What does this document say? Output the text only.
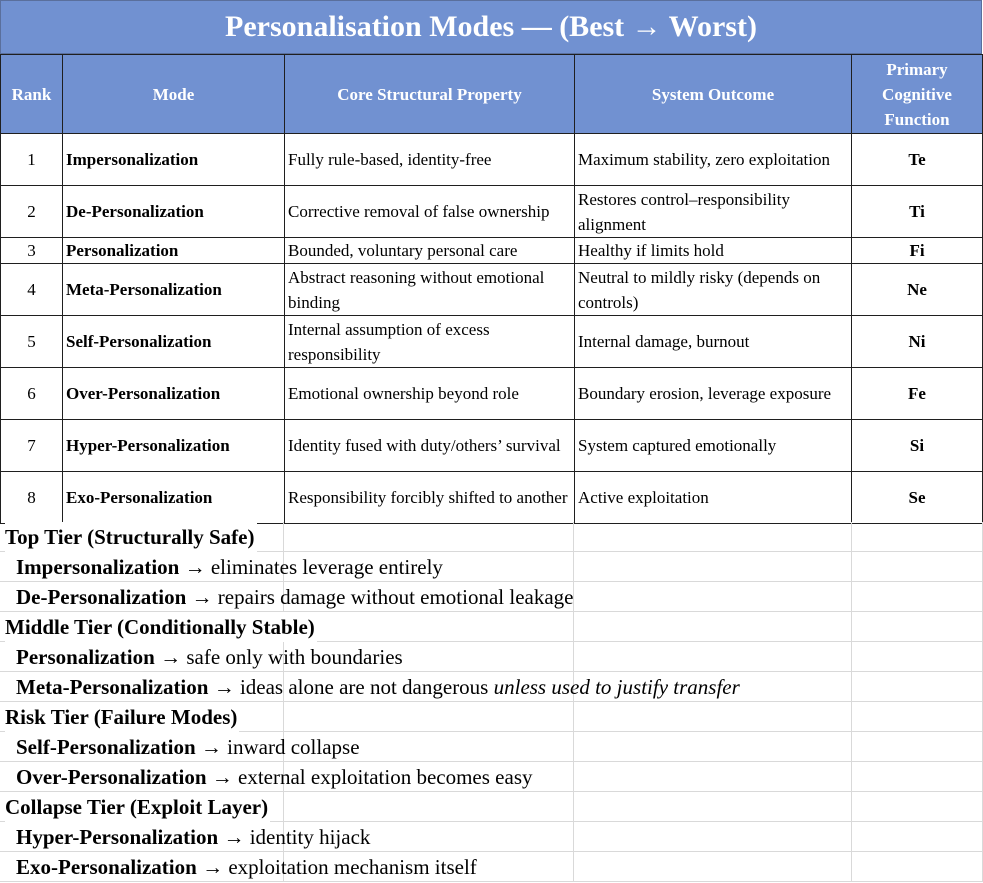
Personalisation Modes — (Best → Worst)
Rank	Mode	Core Structural Property	System Outcome	Primary Cognitive Function
1	Impersonalization	Fully rule-based, identity-free	Maximum stability, zero exploitation	Te
2	De-Personalization	Corrective removal of false ownership	Restores control–responsibility alignment	Ti
3	Personalization	Bounded, voluntary personal care	Healthy if limits hold	Fi
4	Meta-Personalization	Abstract reasoning without emotional binding	Neutral to mildly risky (depends on controls)	Ne
5	Self-Personalization	Internal assumption of excess responsibility	Internal damage, burnout	Ni
6	Over-Personalization	Emotional ownership beyond role	Boundary erosion, leverage exposure	Fe
7	Hyper-Personalization	Identity fused with duty/others’ survival	System captured emotionally	Si
8	Exo-Personalization	Responsibility forcibly shifted to another	Active exploitation	Se
Top Tier (Structurally Safe)
Impersonalization → eliminates leverage entirely
De-Personalization → repairs damage without emotional leakage
Middle Tier (Conditionally Stable)
Personalization → safe only with boundaries
Meta-Personalization → ideas alone are not dangerous unless used to justify transfer
Risk Tier (Failure Modes)
Self-Personalization → inward collapse
Over-Personalization → external exploitation becomes easy
Collapse Tier (Exploit Layer)
Hyper-Personalization → identity hijack
Exo-Personalization → exploitation mechanism itself
